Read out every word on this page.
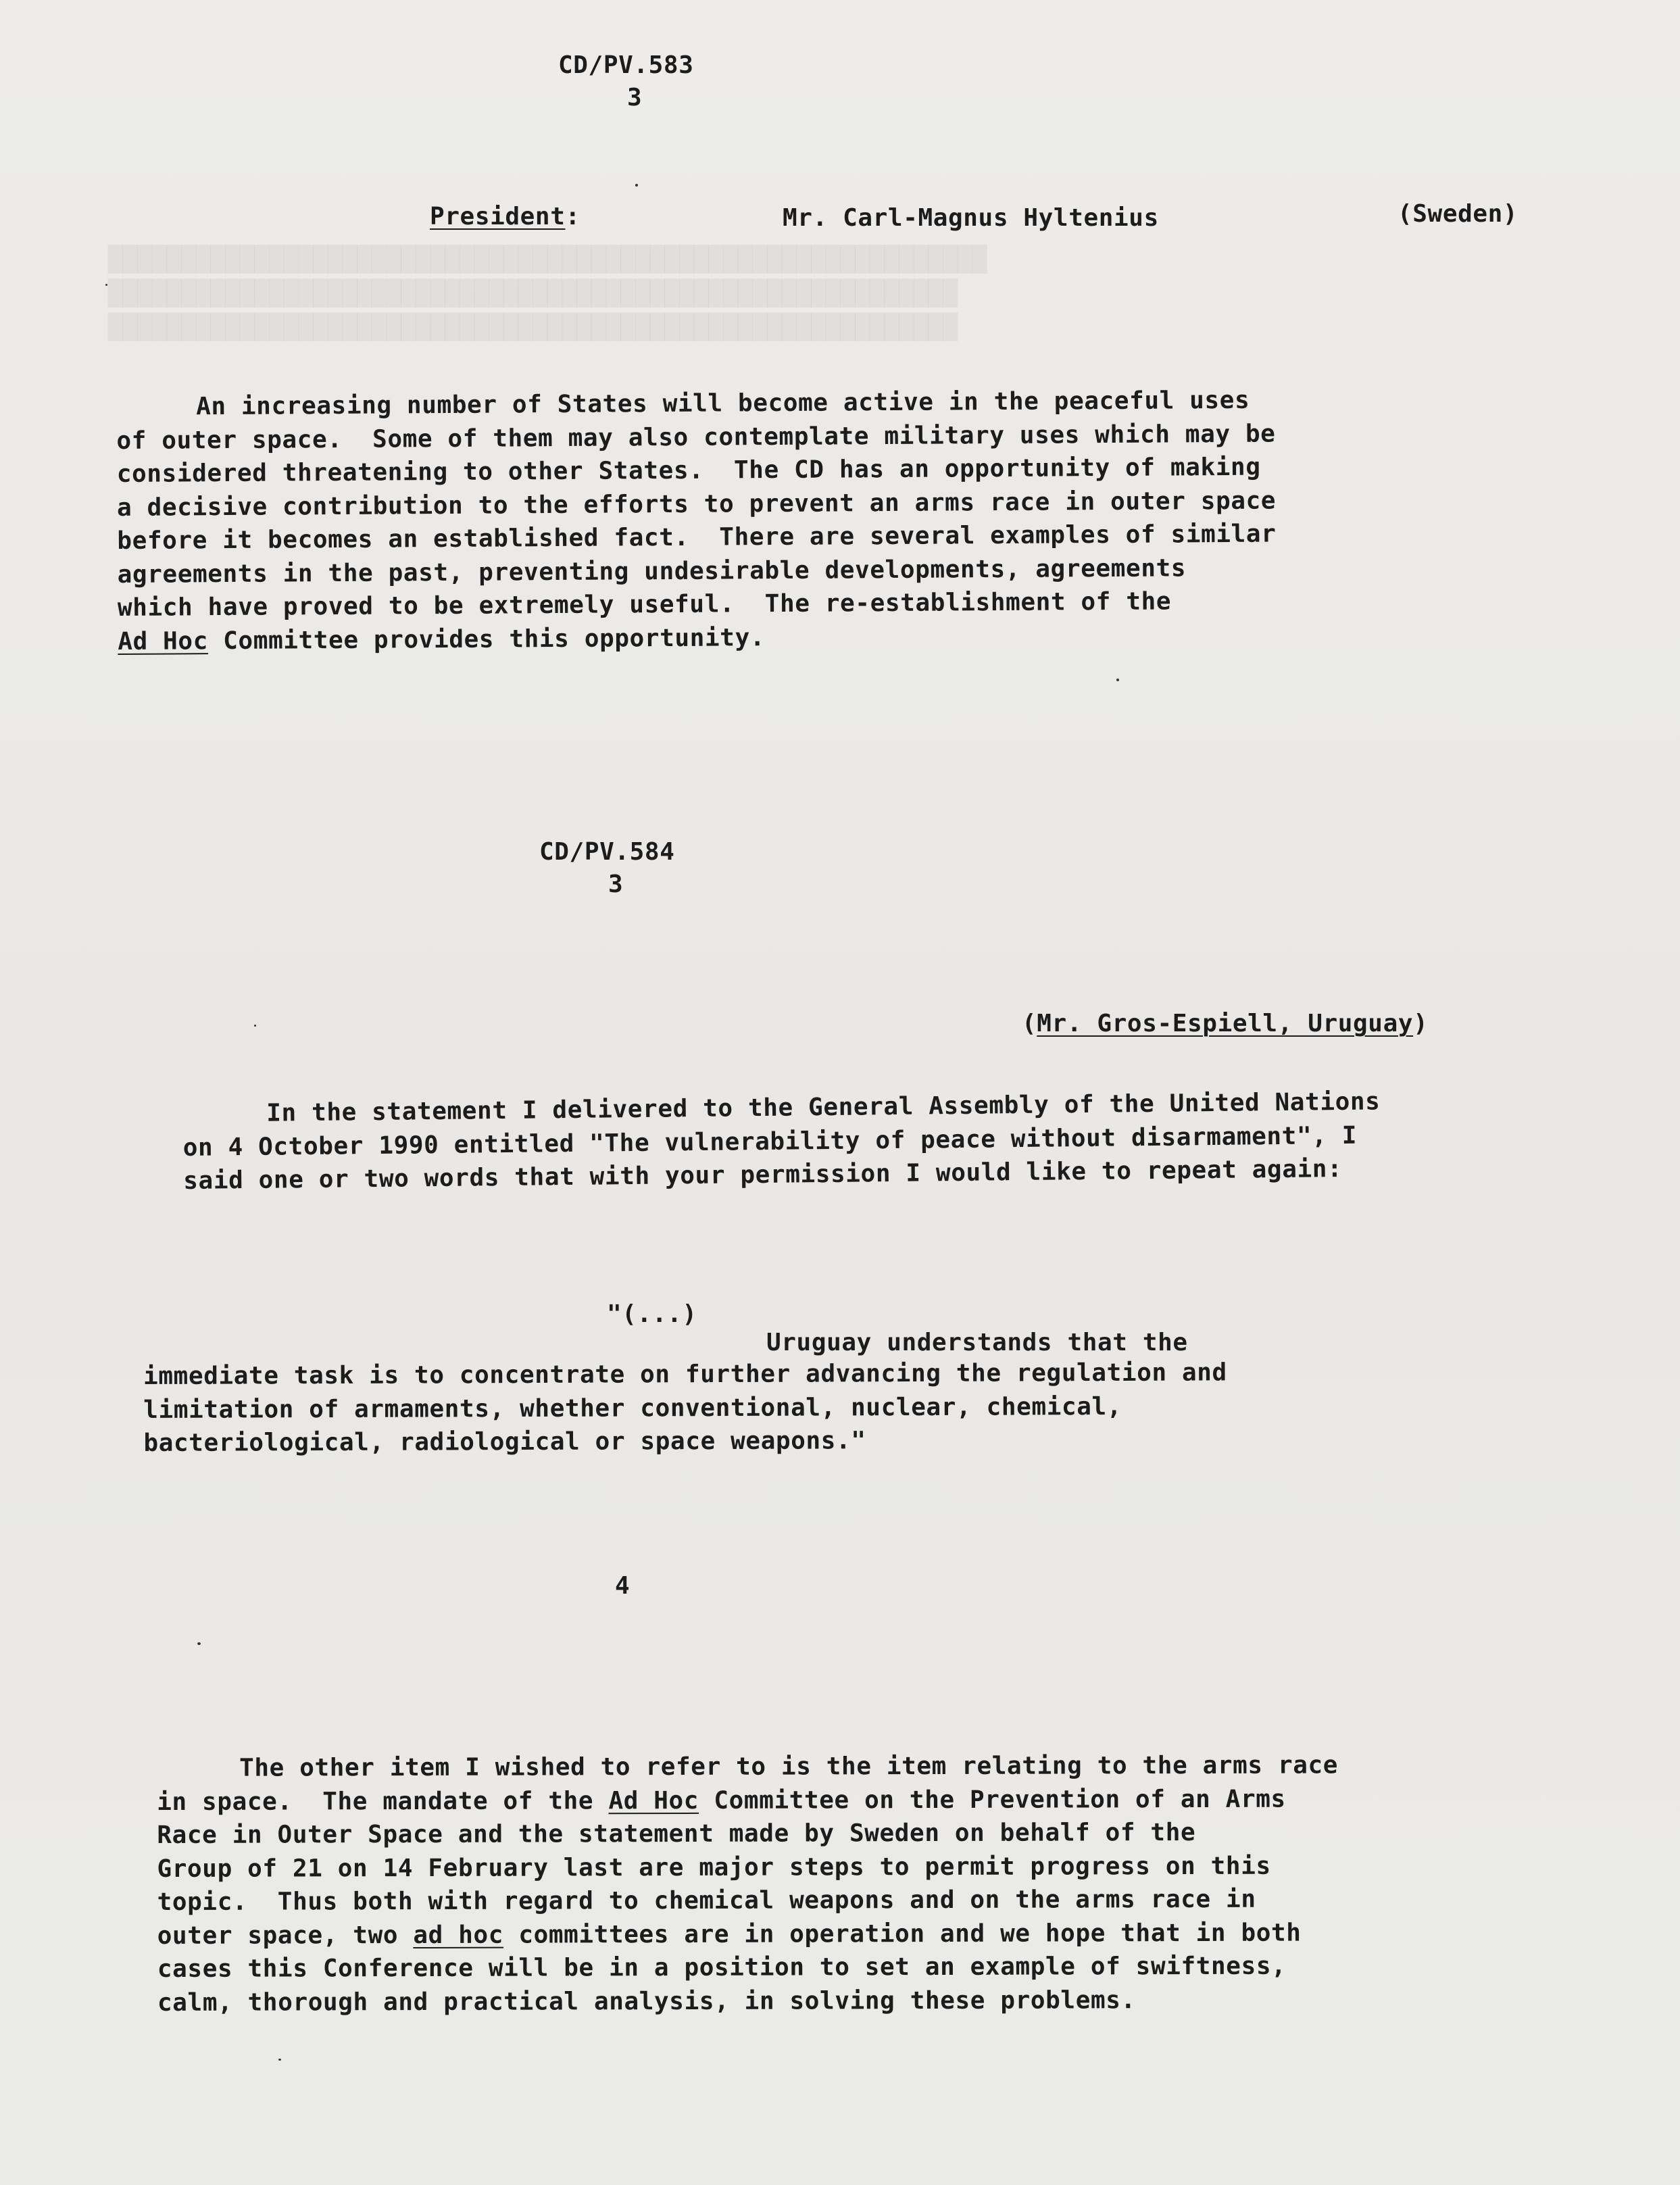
████████████████████████████████████████████████████████████
██████████████████████████████████████████████████████████
██████████████████████████████████████████████████████████
CD/PV.583
3
President:	Mr. Carl-Magnus Hyltenius	(Sweden)
An increasing number of States will become active in the peaceful uses
of outer space.  Some of them may also contemplate military uses which may be
considered threatening to other States.  The CD has an opportunity of making
a decisive contribution to the efforts to prevent an arms race in outer space
before it becomes an established fact.  There are several examples of similar
agreements in the past, preventing undesirable developments, agreements
which have proved to be extremely useful.  The re-establishment of the
Ad Hoc Committee provides this opportunity.
CD/PV.584
3
(Mr. Gros-Espiell, Uruguay)
In the statement I delivered to the General Assembly of the United Nations
on 4 October 1990 entitled "The vulnerability of peace without disarmament", I
said one or two words that with your permission I would like to repeat again:
"(...)
Uruguay understands that the
immediate task is to concentrate on further advancing the regulation and
limitation of armaments, whether conventional, nuclear, chemical,
bacteriological, radiological or space weapons."
4
The other item I wished to refer to is the item relating to the arms race
in space.  The mandate of the Ad Hoc Committee on the Prevention of an Arms
Race in Outer Space and the statement made by Sweden on behalf of the
Group of 21 on 14 February last are major steps to permit progress on this
topic.  Thus both with regard to chemical weapons and on the arms race in
outer space, two ad hoc committees are in operation and we hope that in both
cases this Conference will be in a position to set an example of swiftness,
calm, thorough and practical analysis, in solving these problems.
